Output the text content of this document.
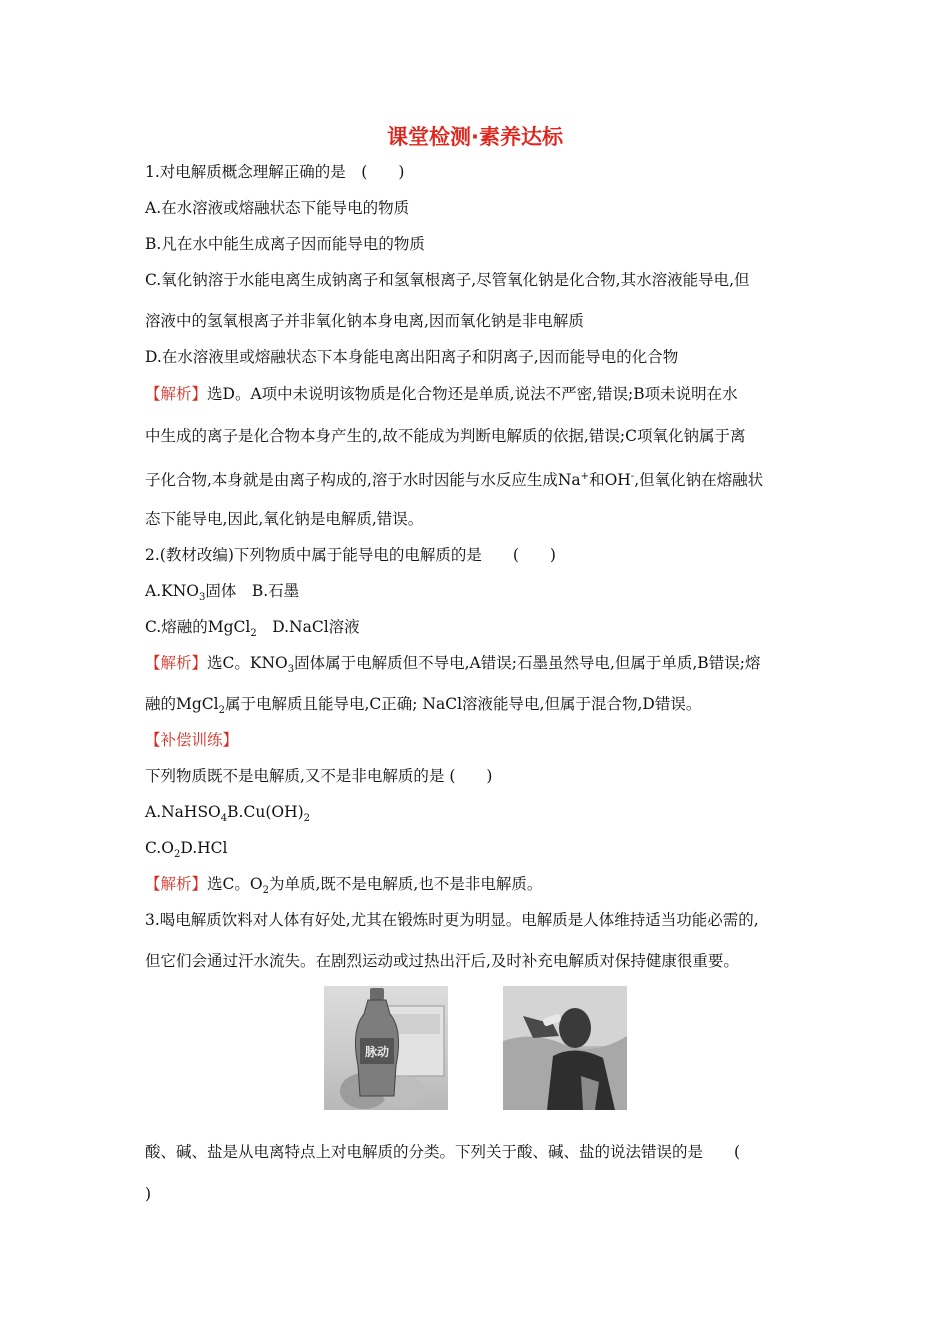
课堂检测·素养达标
1.对电解质概念理解正确的是　(　　)
A.在水溶液或熔融状态下能导电的物质
B.凡在水中能生成离子因而能导电的物质
C.氧化钠溶于水能电离生成钠离子和氢氧根离子,尽管氧化钠是化合物,其水溶液能导电,但
溶液中的氢氧根离子并非氧化钠本身电离,因而氧化钠是非电解质
D.在水溶液里或熔融状态下本身能电离出阳离子和阴离子,因而能导电的化合物
【解析】选D。A项中未说明该物质是化合物还是单质,说法不严密,错误;B项未说明在水
中生成的离子是化合物本身产生的,故不能成为判断电解质的依据,错误;C项氧化钠属于离
子化合物,本身就是由离子构成的,溶于水时因能与水反应生成Na+和OH-,但氧化钠在熔融状
态下能导电,因此,氧化钠是电解质,错误。
2.(教材改编)下列物质中属于能导电的电解质的是　　(　　)
$A.KNO_3$固体　B.石墨
C.熔融的MgCl$_2$　D.NaCl溶液
【解析】选C。$KNO_3$固体属于电解质但不导电,A错误;石墨虽然导电,但属于单质,B错误;熔
融的MgCl$_2$属于电解质且能导电,C正确; NaCl溶液能导电,但属于混合物,D错误。
【补偿训练】
下列物质既不是电解质,又不是非电解质的是 (　　)
$A.NaHSO_4B.Cu(OH)_2$
$C.O_2D.HCl$
【解析】选C。$O_2$为单质,既不是电解质,也不是非电解质。
3.喝电解质饮料对人体有好处,尤其在锻炼时更为明显。电解质是人体维持适当功能必需的,
但它们会通过汗水流失。在剧烈运动或过热出汗后,及时补充电解质对保持健康很重要。
脉动
酸、碱、盐是从电离特点上对电解质的分类。下列关于酸、碱、盐的说法错误的是　　(
)
